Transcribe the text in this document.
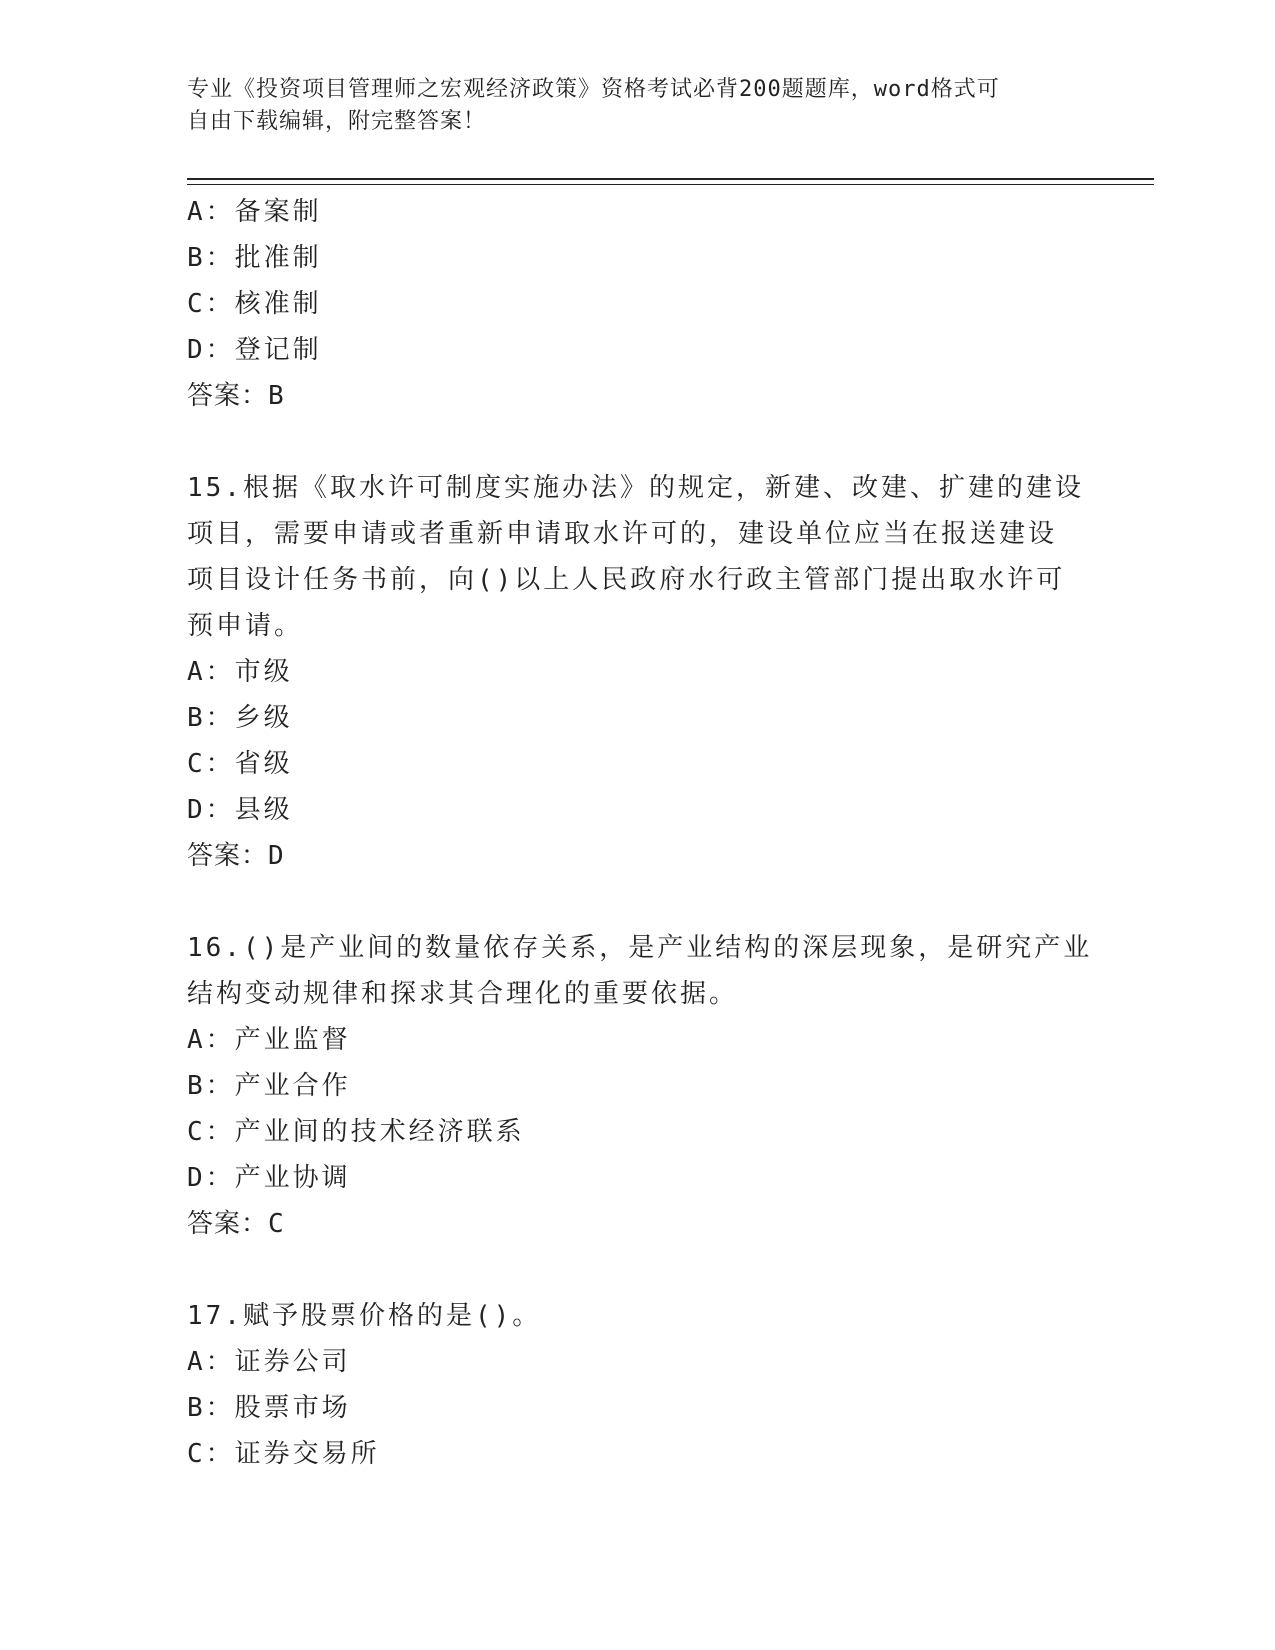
专业《投资项目管理师之宏观经济政策》资格考试必背200题题库，word格式可
自由下载编辑，附完整答案！
A：备案制
B：批准制
C：核准制
D：登记制
答案：B
15.根据《取水许可制度实施办法》的规定，新建、改建、扩建的建设
项目，需要申请或者重新申请取水许可的，建设单位应当在报送建设
项目设计任务书前，向()以上人民政府水行政主管部门提出取水许可
预申请。
A：市级
B：乡级
C：省级
D：县级
答案：D
16.()是产业间的数量依存关系，是产业结构的深层现象，是研究产业
结构变动规律和探求其合理化的重要依据。
A：产业监督
B：产业合作
C：产业间的技术经济联系
D：产业协调
答案：C
17.赋予股票价格的是()。
A：证券公司
B：股票市场
C：证券交易所
